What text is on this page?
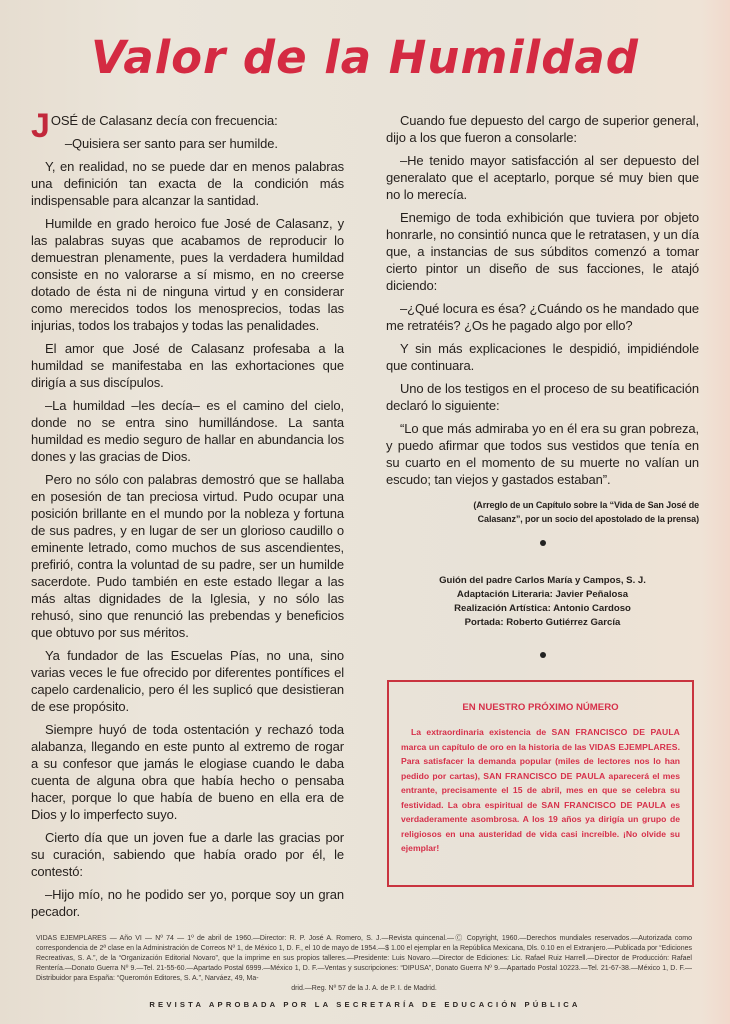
Valor de la Humildad

JOSÉ de Calasanz decía con frecuencia:

–Quisiera ser santo para ser humilde.

Y, en realidad, no se puede dar en menos palabras una definición tan exacta de la condición más indispensable para alcanzar la santidad.

Humilde en grado heroico fue José de Calasanz, y las palabras suyas que acabamos de reproducir lo demuestran plenamente, pues la verdadera humildad consiste en no valorarse a sí mismo, en no creerse dotado de ésta ni de ninguna virtud y en considerar como merecidos todos los menosprecios, todas las injurias, todos los trabajos y todas las penalidades.

El amor que José de Calasanz profesaba a la humildad se manifestaba en las exhortaciones que dirigía a sus discípulos.

–La humildad –les decía– es el camino del cielo, donde no se entra sino humillándose. La santa humildad es medio seguro de hallar en abundancia los dones y las gracias de Dios.

Pero no sólo con palabras demostró que se hallaba en posesión de tan preciosa virtud. Pudo ocupar una posición brillante en el mundo por la nobleza y fortuna de sus padres, y en lugar de ser un glorioso caudillo o eminente letrado, como muchos de sus ascendientes, prefirió, contra la voluntad de su padre, ser un humilde sacerdote. Pudo también en este estado llegar a las más altas dignidades de la Iglesia, y no sólo las rehusó, sino que renunció las prebendas y beneficios que obtuvo por sus méritos.

Ya fundador de las Escuelas Pías, no una, sino varias veces le fue ofrecido por diferentes pontífices el capelo cardenalicio, pero él les suplicó que desistieran de ese propósito.

Siempre huyó de toda ostentación y rechazó toda alabanza, llegando en este punto al extremo de rogar a su confesor que jamás le elogiase cuando le daba cuenta de alguna obra que había hecho o pensaba hacer, porque lo que había de bueno en ella era de Dios y lo imperfecto suyo.

Cierto día que un joven fue a darle las gracias por su curación, sabiendo que había orado por él, le contestó:

–Hijo mío, no he podido ser yo, porque soy un gran pecador.

Cuando fue depuesto del cargo de superior general, dijo a los que fueron a consolarle:

–He tenido mayor satisfacción al ser depuesto del generalato que el aceptarlo, porque sé muy bien que no lo merecía.

Enemigo de toda exhibición que tuviera por objeto honrarle, no consintió nunca que le retratasen, y un día que, a instancias de sus súbditos comenzó a tomar cierto pintor un diseño de sus facciones, le atajó diciendo:

–¿Qué locura es ésa? ¿Cuándo os he mandado que me retratéis? ¿Os he pagado algo por ello?

Y sin más explicaciones le despidió, impidiéndole que continuara.

Uno de los testigos en el proceso de su beatificación declaró lo siguiente:

“Lo que más admiraba yo en él era su gran pobreza, y puedo afirmar que todos sus vestidos que tenía en su cuarto en el momento de su muerte no valían un escudo; tan viejos y gastados estaban”.

(Arreglo de un Capítulo sobre la “Vida de San José de
Calasanz”, por un socio del apostolado de la prensa)

Guión del padre Carlos María y Campos, S. J.
Adaptación Literaria: Javier Peñalosa
Realización Artística: Antonio Cardoso
Portada: Roberto Gutiérrez García
EN NUESTRO PRÓXIMO NÚMERO

La extraordinaria existencia de SAN FRANCISCO DE PAULA marca un capítulo de oro en la historia de las VIDAS EJEMPLARES. Para satisfacer la demanda popular (miles de lectores nos lo han pedido por cartas), SAN FRANCISCO DE PAULA aparecerá el mes entrante, precisamente el 15 de abril, mes en que se celebra su festividad. La obra espiritual de SAN FRANCISCO DE PAULA es verdaderamente asombrosa. A los 19 años ya dirigía un grupo de religiosos en una austeridad de vida casi increíble. ¡No olvide su ejemplar!

VIDAS EJEMPLARES — Año VI — Nº 74 — 1º de abril de 1960.—Director: R. P. José A. Romero, S. J.—Revista quincenal.—Ⓒ Copyright, 1960.—Derechos mundiales reservados.—Autorizada como correspondencia de 2ª clase en la Administración de Correos Nº 1, de México 1, D. F., el 10 de mayo de 1954.—$ 1.00 el ejemplar en la República Mexicana, Dls. 0.10 en el Extranjero.—Publicada por “Ediciones Recreativas, S. A.”, de la “Organización Editorial Novaro”, que la imprime en sus propios talleres.—Presidente: Luis Novaro.—Director de Ediciones: Lic. Rafael Ruiz Harrell.—Director de Producción: Rafael Rentería.—Donato Guerra Nº 9.—Tel. 21-55-60.—Apartado Postal 6999.—México 1, D. F.—Ventas y suscripciones: “DIPUSA”, Donato Guerra Nº 9.—Apartado Postal 10223.—Tel. 21-67-38.—México 1, D. F.—Distribuidor para España: “Queromón Editores, S. A.”, Narváez, 49, Ma-
drid.—Reg. Nº 57 de la J. A. de P. I. de Madrid.
REVISTA APROBADA POR LA SECRETARÍA DE EDUCACIÓN PÚBLICA
